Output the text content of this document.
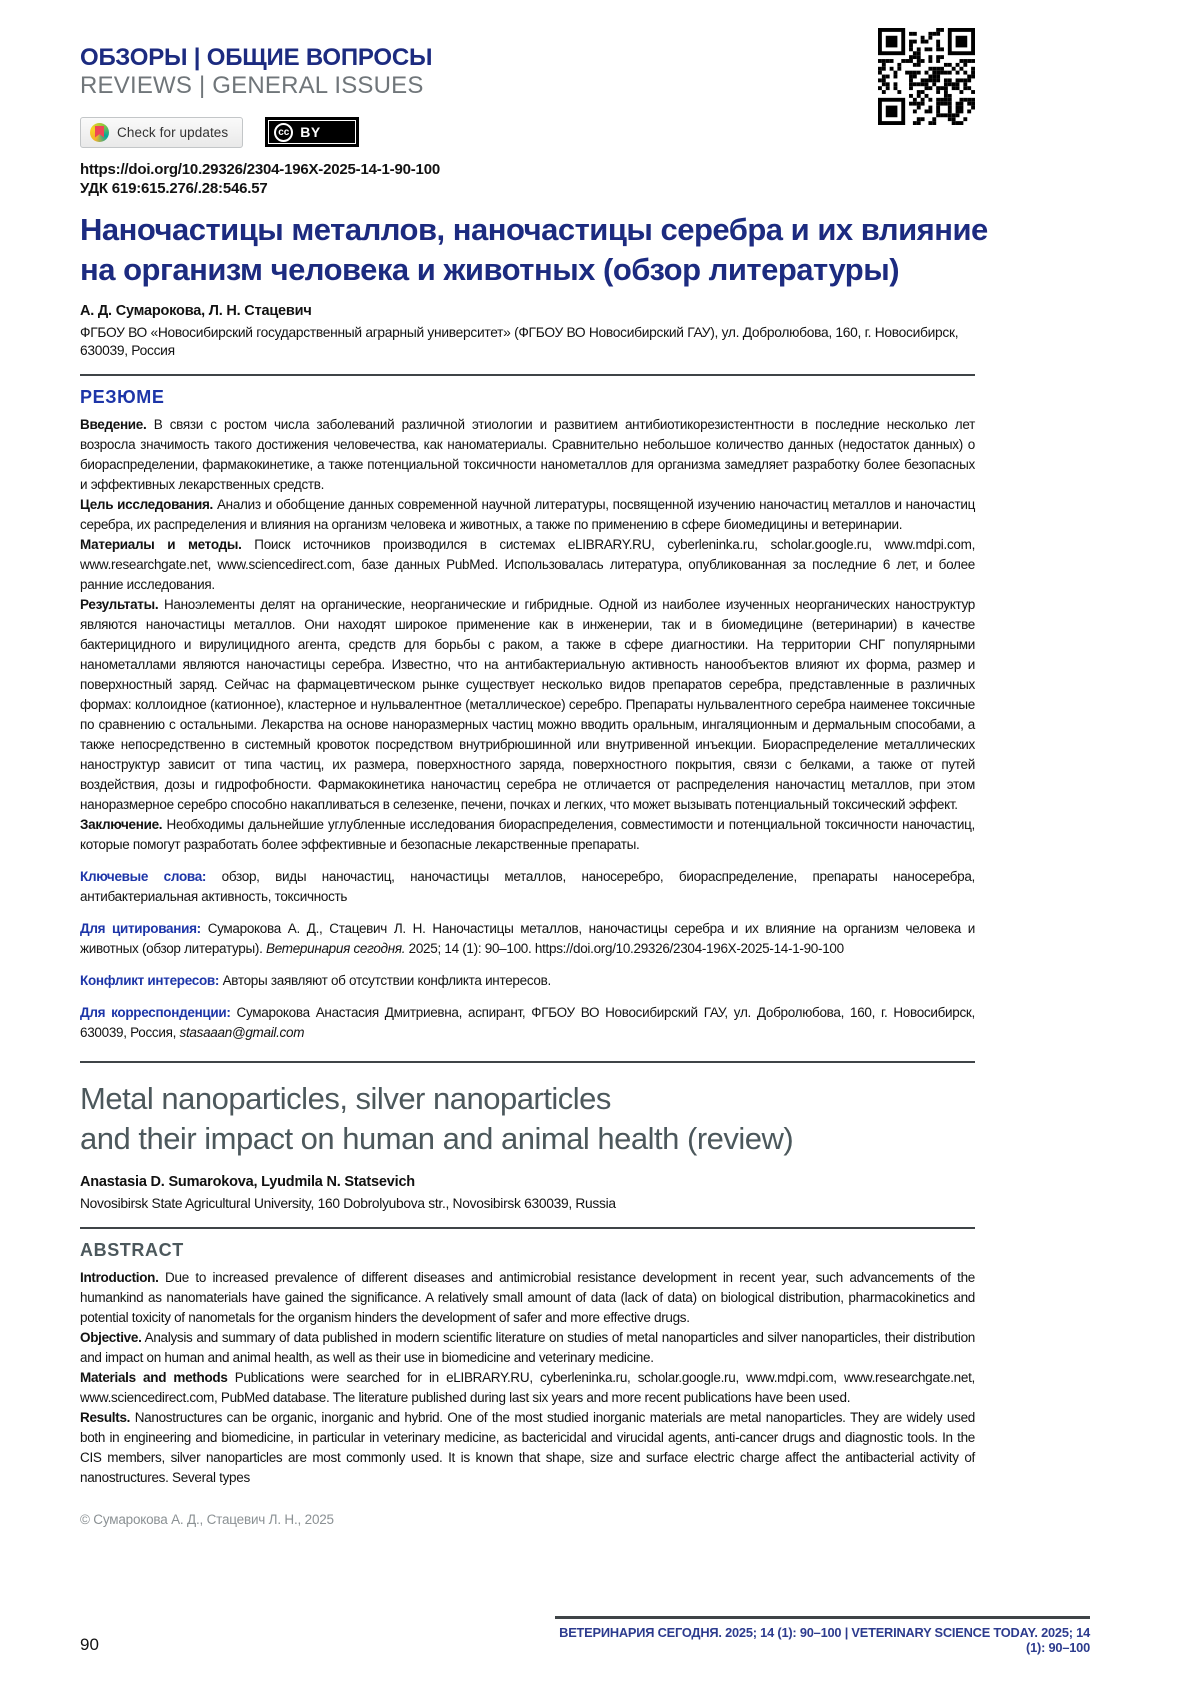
ОБЗОРЫ | ОБЩИЕ ВОПРОСЫ
REVIEWS | GENERAL ISSUES
Check for updates	cc BY
https://doi.org/10.29326/2304-196X-2025-14-1-90-100
УДК 619:615.276/.28:546.57
Наночастицы металлов, наночастицы серебра и их влияние
на организм человека и животных (обзор литературы)
А. Д. Сумарокова, Л. Н. Стацевич
ФГБОУ ВО «Новосибирский государственный аграрный университет» (ФГБОУ ВО Новосибирский ГАУ), ул. Добролюбова, 160, г. Новосибирск, 630039, Россия
РЕЗЮМЕ

Введение. В связи с ростом числа заболеваний различной этиологии и развитием антибиотикорезистентности в последние несколько лет возросла значимость такого достижения человечества, как наноматериалы. Сравнительно небольшое количество данных (недостаток данных) о биораспределении, фармакокинетике, а также потенциальной токсичности нанометаллов для организма замедляет разработку более безопасных и эффективных лекарственных средств.

Цель исследования. Анализ и обобщение данных современной научной литературы, посвященной изучению наночастиц металлов и наночастиц серебра, их распределения и влияния на организм человека и животных, а также по применению в сфере биомедицины и ветеринарии.

Материалы и методы. Поиск источников производился в системах eLIBRARY.RU, cyberleninka.ru, scholar.google.ru, www.mdpi.com, www.researchgate.net, www.sciencedirect.com, базе данных PubMed. Использовалась литература, опубликованная за последние 6 лет, и более ранние исследования.

Результаты. Наноэлементы делят на органические, неорганические и гибридные. Одной из наиболее изученных неорганических наноструктур являются наночастицы металлов. Они находят широкое применение как в инженерии, так и в биомедицине (ветеринарии) в качестве бактерицидного и вирулицидного агента, средств для борьбы с раком, а также в сфере диагностики. На территории СНГ популярными нанометаллами являются наночастицы серебра. Известно, что на антибактериальную активность нанообъектов влияют их форма, размер и поверхностный заряд. Сейчас на фармацевтическом рынке существует несколько видов препаратов серебра, представленные в различных формах: коллоидное (катионное), кластерное и нульвалентное (металлическое) серебро. Препараты нульвалентного серебра наименее токсичные по сравнению с остальными. Лекарства на основе наноразмерных частиц можно вводить оральным, ингаляционным и дермальным способами, а также непосредственно в системный кровоток посредством внутрибрюшинной или внутривенной инъекции. Биораспределение металлических наноструктур зависит от типа частиц, их размера, поверхностного заряда, поверхностного покрытия, связи с белками, а также от путей воздействия, дозы и гидрофобности. Фармакокинетика наночастиц серебра не отличается от распределения наночастиц металлов, при этом наноразмерное серебро способно накапливаться в селезенке, печени, почках и легких, что может вызывать потенциальный токсический эффект.

Заключение. Необходимы дальнейшие углубленные исследования биораспределения, совместимости и потенциальной токсичности наночастиц, которые помогут разработать более эффективные и безопасные лекарственные препараты.

Ключевые слова: обзор, виды наночастиц, наночастицы металлов, наносеребро, биораспределение, препараты наносеребра, антибактериальная активность, токсичность

Для цитирования: Сумарокова А. Д., Стацевич Л. Н. Наночастицы металлов, наночастицы серебра и их влияние на организм человека и животных (обзор литературы). Ветеринария сегодня. 2025; 14 (1): 90–100. https://doi.org/10.29326/2304-196X-2025-14-1-90-100

Конфликт интересов: Авторы заявляют об отсутствии конфликта интересов.

Для корреспонденции: Сумарокова Анастасия Дмитриевна, аспирант, ФГБОУ ВО Новосибирский ГАУ, ул. Добролюбова, 160, г. Новосибирск, 630039, Россия, stasaaan@gmail.com

Metal nanoparticles, silver nanoparticles
and their impact on human and animal health (review)
Anastasia D. Sumarokova, Lyudmila N. Statsevich
Novosibirsk State Agricultural University, 160 Dobrolyubova str., Novosibirsk 630039, Russia
ABSTRACT

Introduction. Due to increased prevalence of different diseases and antimicrobial resistance development in recent year, such advancements of the humankind as nanomaterials have gained the significance. A relatively small amount of data (lack of data) on biological distribution, pharmacokinetics and potential toxicity of nanometals for the organism hinders the development of safer and more effective drugs.

Objective. Analysis and summary of data published in modern scientific literature on studies of metal nanoparticles and silver nanoparticles, their distribution and impact on human and animal health, as well as their use in biomedicine and veterinary medicine.

Materials and methods Publications were searched for in eLIBRARY.RU, cyberleninka.ru, scholar.google.ru, www.mdpi.com, www.researchgate.net, www.sciencedirect.com, PubMed database. The literature published during last six years and more recent publications have been used.

Results. Nanostructures can be organic, inorganic and hybrid. One of the most studied inorganic materials are metal nanoparticles. They are widely used both in engineering and biomedicine, in particular in veterinary medicine, as bactericidal and virucidal agents, anti-cancer drugs and diagnostic tools. In the CIS members, silver nanoparticles are most commonly used. It is known that shape, size and surface electric charge affect the antibacterial activity of nanostructures. Several types

© Сумарокова А. Д., Стацевич Л. Н., 2025
90
ВЕТЕРИНАРИЯ СЕГОДНЯ. 2025; 14 (1): 90–100 | VETERINARY SCIENCE TODAY. 2025; 14 (1): 90–100
